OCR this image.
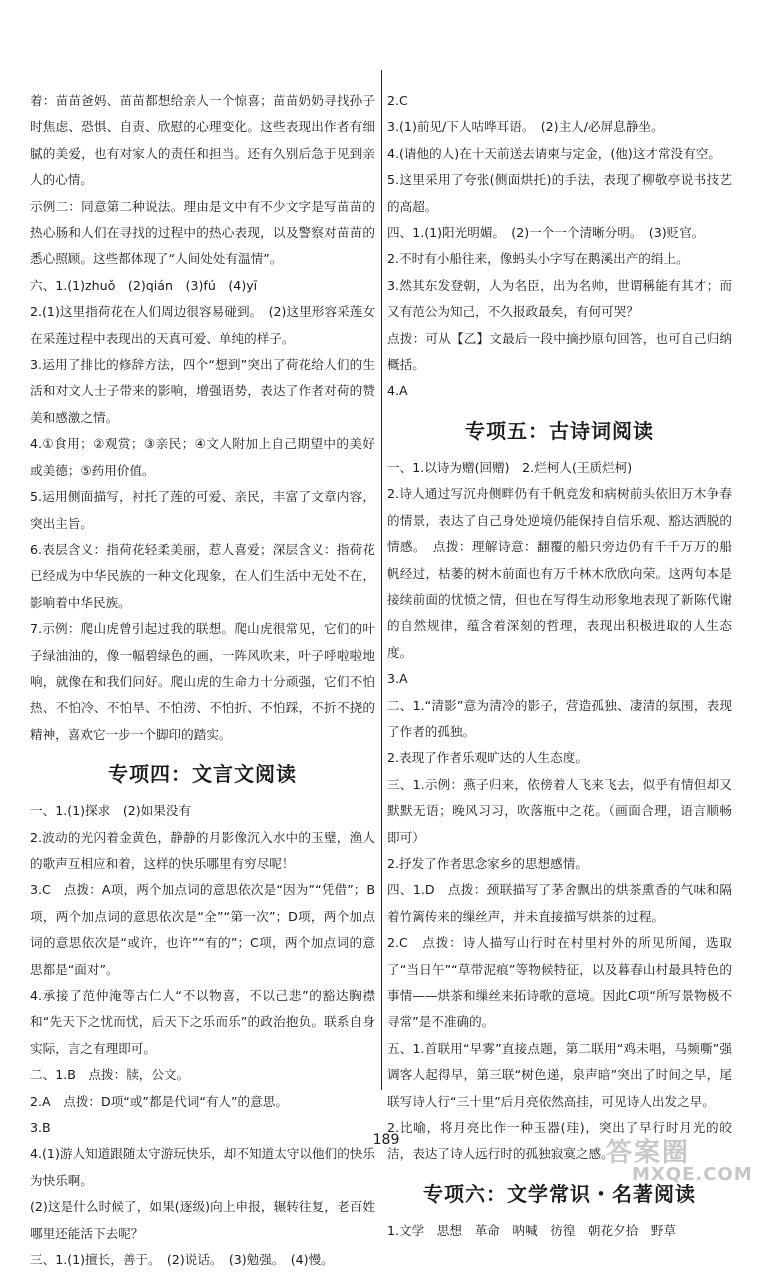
着：苗苗爸妈、苗苗都想给亲人一个惊喜；苗苗奶奶寻找孙子时焦虑、恐惧、自责、欣慰的心理变化。这些表现出作者有细腻的美爱，也有对家人的责任和担当。还有久别后急于见到亲人的心情。

示例二：同意第二种说法。理由是文中有不少文字是写苗苗的热心肠和人们在寻找的过程中的热心表现，以及警察对苗苗的悉心照顾。这些都体现了“人间处处有温情”。

六、1.(1)zhuǒ　(2)qián　(3)fú　(4)yī

2.(1)这里指荷花在人们周边很容易碰到。　(2)这里形容采莲女在采莲过程中表现出的天真可爱、单纯的样子。

3.运用了排比的修辞方法，四个“想到”突出了荷花给人们的生活和对文人士子带来的影响，增强语势，表达了作者对荷的赞美和感激之情。

4.①食用；②观赏；③亲民；④文人附加上自己期望中的美好或美德；⑤药用价值。

5.运用侧面描写，衬托了莲的可爱、亲民，丰富了文章内容，突出主旨。

6.表层含义：指荷花轻柔美丽，惹人喜爱；深层含义：指荷花已经成为中华民族的一种文化现象，在人们生活中无处不在，影响着中华民族。

7.示例：爬山虎曾引起过我的联想。爬山虎很常见，它们的叶子绿油油的，像一幅碧绿色的画，一阵风吹来，叶子呼啦啦地响，就像在和我们问好。爬山虎的生命力十分顽强，它们不怕热、不怕冷、不怕旱、不怕涝、不怕折、不怕踩，不折不挠的精神，喜欢它一步一个脚印的踏实。

专项四：文言文阅读

一、1.(1)探求　(2)如果没有

2.波动的光闪着金黄色，静静的月影像沉入水中的玉璧，渔人的歌声互相应和着，这样的快乐哪里有穷尽呢！

3.C　点拨：A项，两个加点词的意思依次是“因为”“凭借”；B项，两个加点词的意思依次是“全”“第一次”；D项，两个加点词的意思依次是“或许，也许”“有的”；C项，两个加点词的意思都是“面对”。

4.承接了范仲淹等古仁人“不以物喜，不以己悲”的豁达胸襟和“先天下之忧而忧，后天下之乐而乐”的政治抱负。联系自身实际，言之有理即可。

二、1.B　点拨：牍，公文。

2.A　点拨：D项“或”都是代词“有人”的意思。

3.B

4.(1)游人知道跟随太守游玩快乐，却不知道太守以他们的快乐为快乐啊。

(2)这是什么时候了，如果(逐级)向上申报，辗转往复，老百姓哪里还能活下去呢？

三、1.(1)擅长，善于。　(2)说话。　(3)勉强。　(4)慢。

2.C

3.(1)前见/下人咕哗耳语。　(2)主人/必屏息静坐。

4.(请他的人)在十天前送去请柬与定金，(他)这才常没有空。

5.这里采用了夸张(侧面烘托)的手法，表现了柳敬亭说书技艺的高超。

四、1.(1)阳光明媚。　(2)一个一个清晰分明。　(3)贬官。

2.不时有小船往来，像蚂头小字写在鹅溪出产的绢上。

3.然其东发登朝，人为名臣，出为名帅，世谓稱能有其才；而又有范公为知己，不久报政最矣，有何可哭？

点拨：可从【乙】文最后一段中摘抄原句回答，也可自己归纳概括。

4.A

专项五：古诗词阅读

一、1.以诗为赠(回赠)　2.烂柯人(王质烂柯)

2.诗人通过写沉舟侧畔仍有千帆竞发和病树前头依旧万木争春的情景，表达了自己身处逆境仍能保持自信乐观、豁达洒脱的情感。　点拨：理解诗意：翻覆的船只旁边仍有千千万万的船帆经过，枯萎的树木前面也有万千林木欣欣向荣。这两句本是接续前面的忧愤之情，但也在写得生动形象地表现了新陈代谢的自然规律，蕴含着深刻的哲理，表现出积极进取的人生态度。

3.A

二、1.“清影”意为清冷的影子，营造孤独、凄清的氛围，表现了作者的孤独。

2.表现了作者乐观旷达的人生态度。

三、1.示例：燕子归来，依傍着人飞来飞去，似乎有情但却又默默无语；晚风习习，吹落瓶中之花。（画面合理，语言顺畅即可）

2.抒发了作者思念家乡的思想感情。

四、1.D　点拨：颈联描写了茅舍飘出的烘茶熏香的气味和隔着竹篱传来的缫丝声，并未直接描写烘茶的过程。

2.C　点拨：诗人描写山行时在村里村外的所见所闻，选取了“当日午”“草带泥痕”等物候特征，以及暮春山村最具特色的事情——烘茶和缫丝来拓诗歌的意境。因此C项“所写景物极不寻常”是不准确的。

五、1.首联用“早雾”直接点题，第二联用“鸡未唱，马频嘶”强调客人起得早，第三联“树色递，泉声暗”突出了时间之早，尾联写诗人行“三十里”后月亮依然高挂，可见诗人出发之早。

2.比喻，将月亮比作一种玉器(珪)，突出了早行时月光的皎洁，表达了诗人远行时的孤独寂寞之感。

专项六：文学常识・名著阅读

1.文学　思想　革命　呐喊　彷徨　朝花夕拾　野草

189	答案圈
MXQE.COM
